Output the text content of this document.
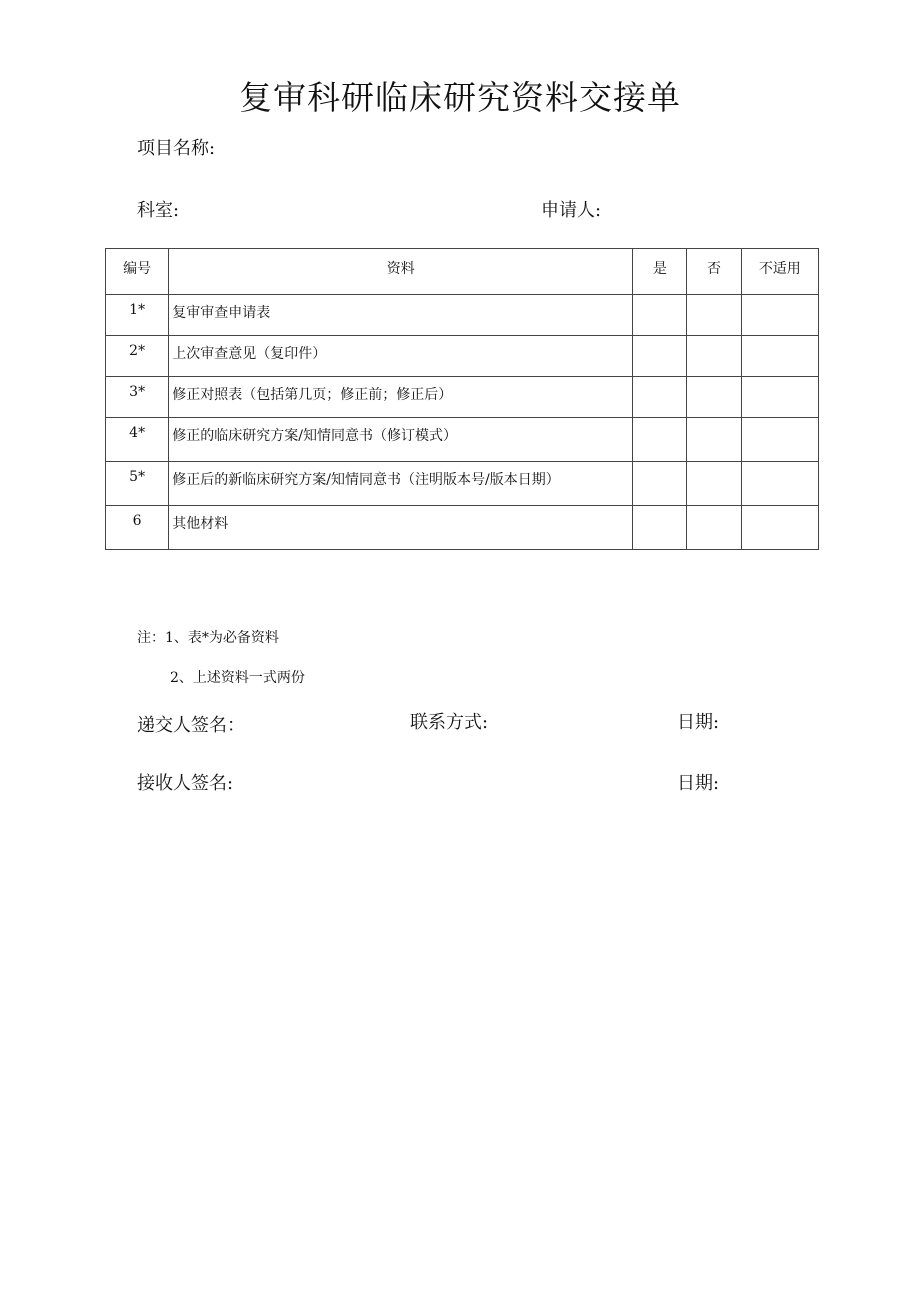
复审科研临床研究资料交接单
项目名称:
科室:	申请人:
编号	资料	是	否	不适用
1*	复审审查申请表			
2*	上次审查意见（复印件）			
3*	修正对照表（包括第几页；修正前；修正后）			
4*	修正的临床研究方案/知情同意书（修订模式）			
5*	修正后的新临床研究方案/知情同意书（注明版本号/版本日期）			
6	其他材料			
注：1、表*为必备资料
2、上述资料一式两份
递交人签名：	联系方式:	日期:
接收人签名:	日期:
